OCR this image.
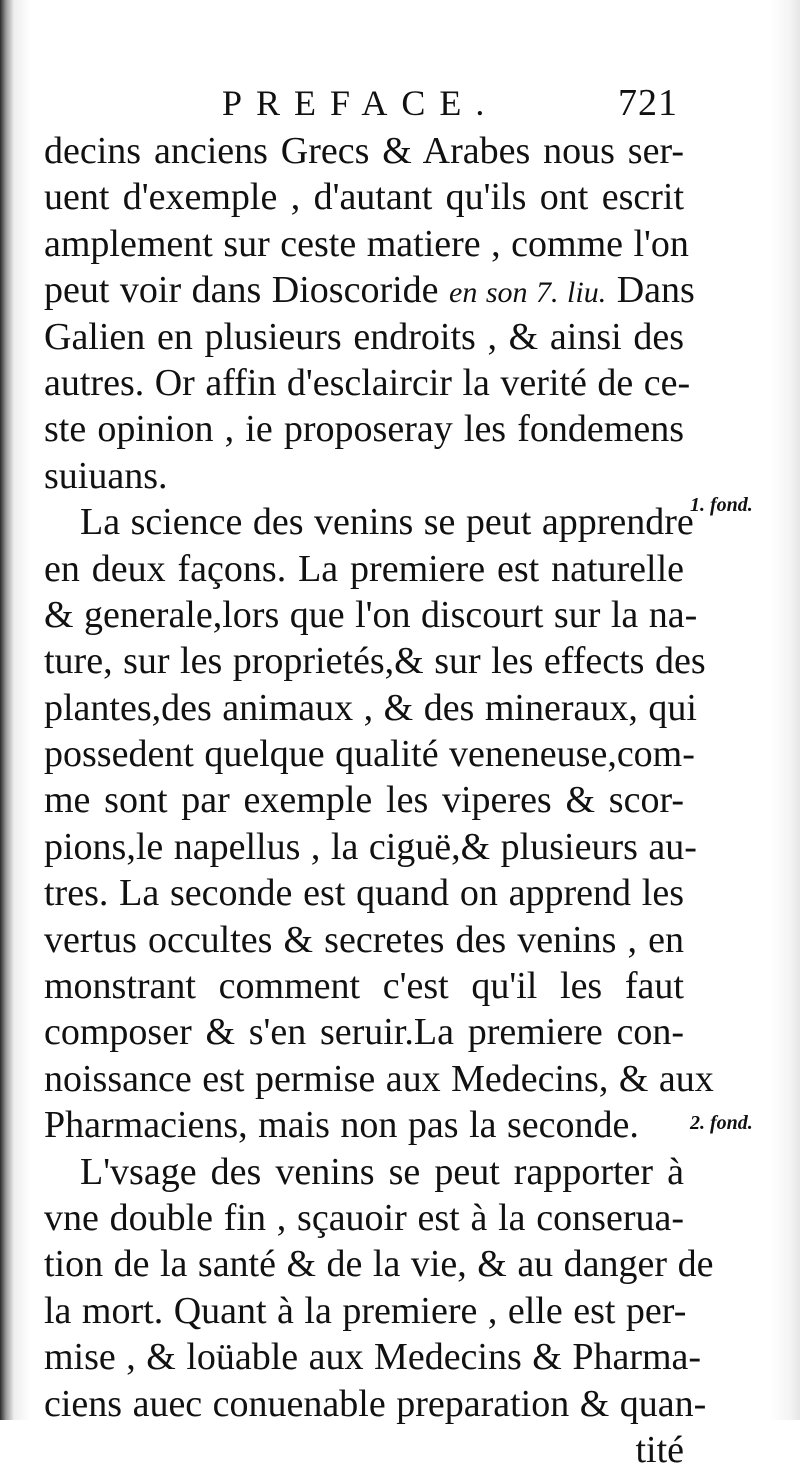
PREFACE.	721
decins anciens Grecs & Arabes nous ser-
uent d'exemple , d'autant qu'ils ont escrit
amplement sur ceste matiere , comme l'on
peut voir dans Dioscoride en son 7. liu. Dans
Galien en plusieurs endroits , & ainsi des
autres. Or affin d'esclaircir la verité de ce-
ste opinion , ie proposeray les fondemens
suiuans.
La science des venins se peut apprendre
en deux façons. La premiere est naturelle
& generale,lors que l'on discourt sur la na-
ture, sur les proprietés,& sur les effects des
plantes,des animaux , & des mineraux, qui
possedent quelque qualité veneneuse,com-
me sont par exemple les viperes & scor-
pions,le napellus , la ciguë,& plusieurs au-
tres. La seconde est quand on apprend les
vertus occultes & secretes des venins , en
monstrant comment c'est qu'il les faut
composer & s'en seruir.La premiere con-
noissance est permise aux Medecins, & aux
Pharmaciens, mais non pas la seconde.
L'vsage des venins se peut rapporter à
vne double fin , sçauoir est à la conserua-
tion de la santé & de la vie, & au danger de
la mort. Quant à la premiere , elle est per-
mise , & loüable aux Medecins & Pharma-
ciens auec conuenable preparation & quan-
tité
1. fond.
2. fond.
